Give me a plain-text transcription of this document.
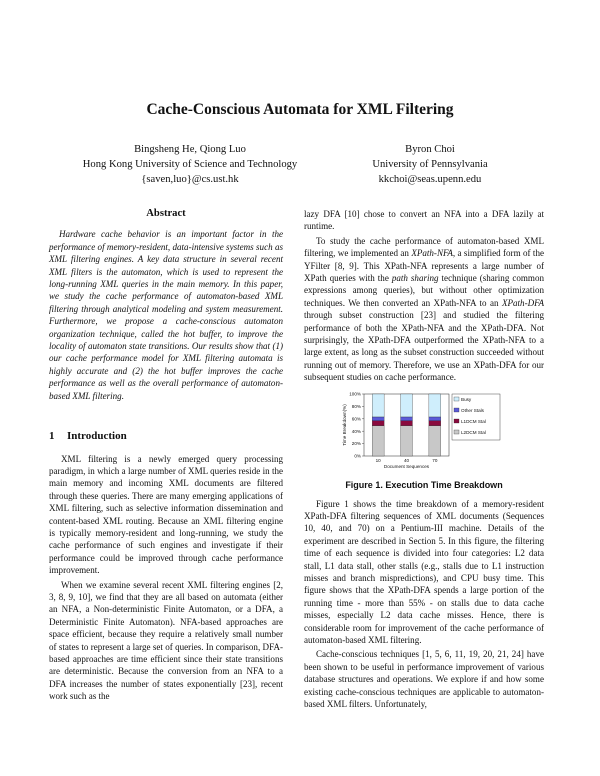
Cache-Conscious Automata for XML Filtering
Bingsheng He, Qiong Luo
Hong Kong University of Science and Technology
{saven,luo}@cs.ust.hk
Byron Choi
University of Pennsylvania
kkchoi@seas.upenn.edu
Abstract

Hardware cache behavior is an important factor in the performance of memory-resident, data-intensive systems such as XML filtering engines. A key data structure in several recent XML filters is the automaton, which is used to represent the long-running XML queries in the main memory. In this paper, we study the cache performance of automaton-based XML filtering through analytical modeling and system measurement. Furthermore, we propose a cache-conscious automaton organization technique, called the hot buffer, to improve the locality of automaton state transitions. Our results show that (1) our cache performance model for XML filtering automata is highly accurate and (2) the hot buffer improves the cache performance as well as the overall performance of automaton-based XML filtering.

1 Introduction

XML filtering is a newly emerged query processing paradigm, in which a large number of XML queries reside in the main memory and incoming XML documents are filtered through these queries. There are many emerging applications of XML filtering, such as selective information dissemination and content-based XML routing. Because an XML filtering engine is typically memory-resident and long-running, we study the cache performance of such engines and investigate if their performance could be improved through cache performance improvement.

When we examine several recent XML filtering engines [2, 3, 8, 9, 10], we find that they are all based on automata (either an NFA, a Non-deterministic Finite Automaton, or a DFA, a Deterministic Finite Automaton). NFA-based approaches are space efficient, because they require a relatively small number of states to represent a large set of queries. In comparison, DFA-based approaches are time efficient since their state transitions are deterministic. Because the conversion from an NFA to a DFA increases the number of states exponentially [23], recent work such as the

lazy DFA [10] chose to convert an NFA into a DFA lazily at runtime.

To study the cache performance of automaton-based XML filtering, we implemented an XPath-NFA, a simplified form of the YFilter [8, 9]. This XPath-NFA represents a large number of XPath queries with the path sharing technique (sharing common expressions among queries), but without other optimization techniques. We then converted an XPath-NFA to an XPath-DFA through subset construction [23] and studied the filtering performance of both the XPath-NFA and the XPath-DFA. Not surprisingly, the XPath-DFA outperformed the XPath-NFA to a large extent, as long as the subset construction succeeded without running out of memory. Therefore, we use an XPath-DFA for our subsequent studies on cache performance.

0%
20%
40%
60%
80%
100%
10	40	70
Document Sequences
Time Breakdown(%)
Busy
Other Stals
L1DCM Stal
L2DCM Stal
Figure 1. Execution Time Breakdown

Figure 1 shows the time breakdown of a memory-resident XPath-DFA filtering sequences of XML documents (Sequences 10, 40, and 70) on a Pentium-III machine. Details of the experiment are described in Section 5. In this figure, the filtering time of each sequence is divided into four categories: L2 data stall, L1 data stall, other stalls (e.g., stalls due to L1 instruction misses and branch mispredictions), and CPU busy time. This figure shows that the XPath-DFA spends a large portion of the running time - more than 55% - on stalls due to data cache misses, especially L2 data cache misses. Hence, there is considerable room for improvement of the cache performance of automaton-based XML filtering.

Cache-conscious techniques [1, 5, 6, 11, 19, 20, 21, 24] have been shown to be useful in performance improvement of various database structures and operations. We explore if and how some existing cache-conscious techniques are applicable to automaton-based XML filters. Unfortunately,
